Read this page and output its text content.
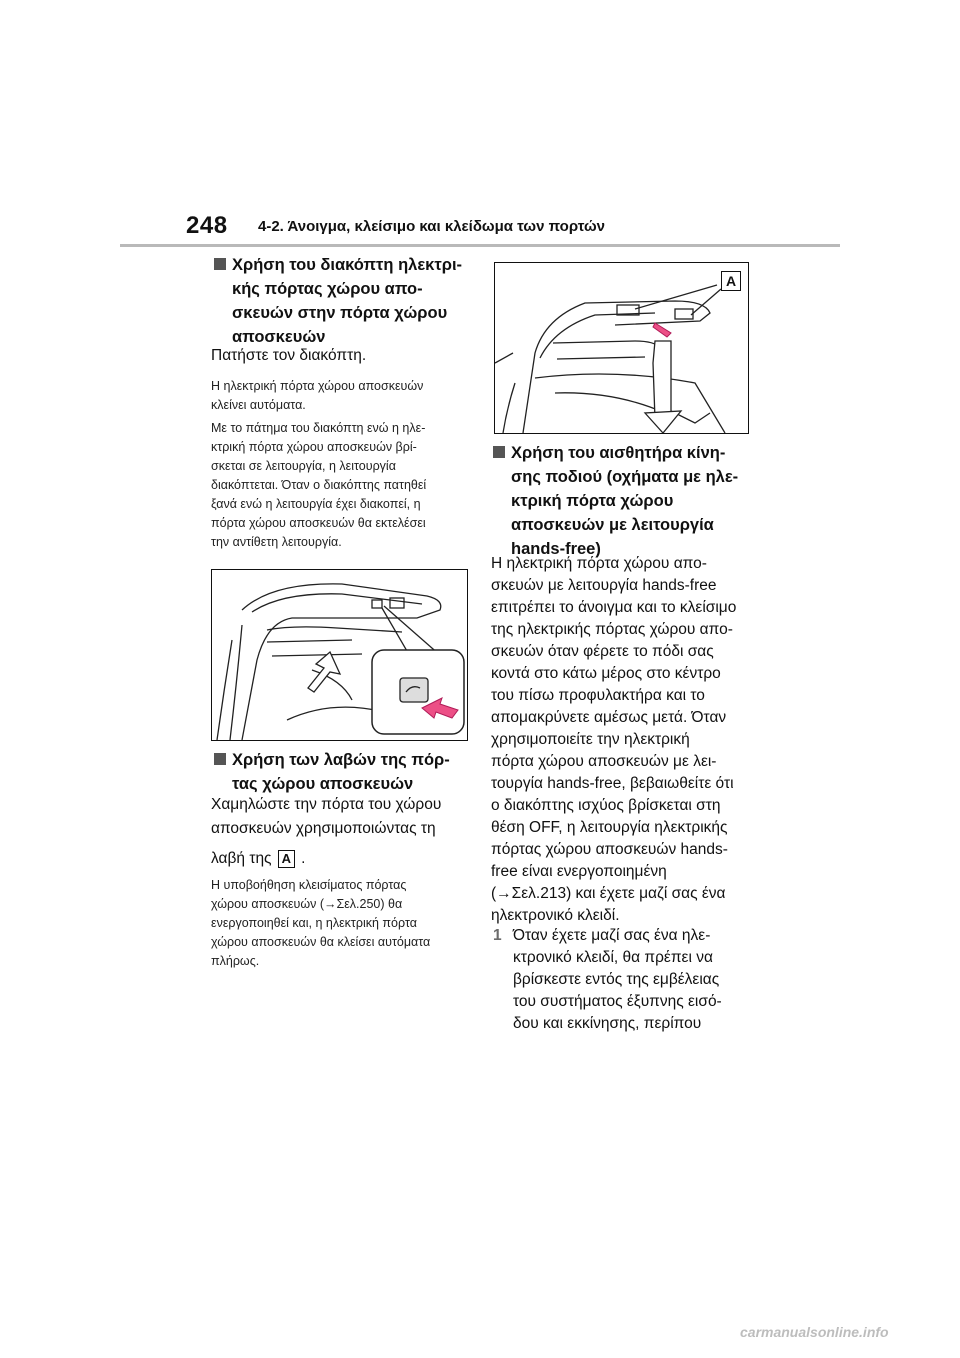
248 4-2. Άνοιγμα, κλείσιμο και κλείδωμα των πορτών
Χρήση του διακόπτη ηλεκτρι-
κής πόρτας χώρου απο-
σκευών στην πόρτα χώρου
αποσκευών
Πατήστε τον διακόπτη.
Η ηλεκτρική πόρτα χώρου αποσκευών
κλείνει αυτόματα.
Με το πάτημα του διακόπτη ενώ η ηλε-
κτρική πόρτα χώρου αποσκευών βρί-
σκεται σε λειτουργία, η λειτουργία
διακόπτεται. Όταν ο διακόπτης πατηθεί
ξανά ενώ η λειτουργία έχει διακοπεί, η
πόρτα χώρου αποσκευών θα εκτελέσει
την αντίθετη λειτουργία.
Χρήση των λαβών της πόρ-
τας χώρου αποσκευών
Χαμηλώστε την πόρτα του χώρου
αποσκευών χρησιμοποιώντας τη
λαβή της A .
Η υποβοήθηση κλεισίματος πόρτας
χώρου αποσκευών (→Σελ.250) θα
ενεργοποιηθεί και, η ηλεκτρική πόρτα
χώρου αποσκευών θα κλείσει αυτόματα
πλήρως.
A
Χρήση του αισθητήρα κίνη-
σης ποδιού (οχήματα με ηλε-
κτρική πόρτα χώρου
αποσκευών με λειτουργία
hands-free)
Η ηλεκτρική πόρτα χώρου απο-
σκευών με λειτουργία hands-free
επιτρέπει το άνοιγμα και το κλείσιμο
της ηλεκτρικής πόρτας χώρου απο-
σκευών όταν φέρετε το πόδι σας
κοντά στο κάτω μέρος στο κέντρο
του πίσω προφυλακτήρα και το
απομακρύνετε αμέσως μετά. Όταν
χρησιμοποιείτε την ηλεκτρική
πόρτα χώρου αποσκευών με λει-
τουργία hands-free, βεβαιωθείτε ότι
ο διακόπτης ισχύος βρίσκεται στη
θέση OFF, η λειτουργία ηλεκτρικής
πόρτας χώρου αποσκευών hands-
free είναι ενεργοποιημένη
(→Σελ.213) και έχετε μαζί σας ένα
ηλεκτρονικό κλειδί.
1 Όταν έχετε μαζί σας ένα ηλε-
κτρονικό κλειδί, θα πρέπει να
βρίσκεστε εντός της εμβέλειας
του συστήματος έξυπνης εισό-
δου και εκκίνησης, περίπου
carmanualsonline.info
